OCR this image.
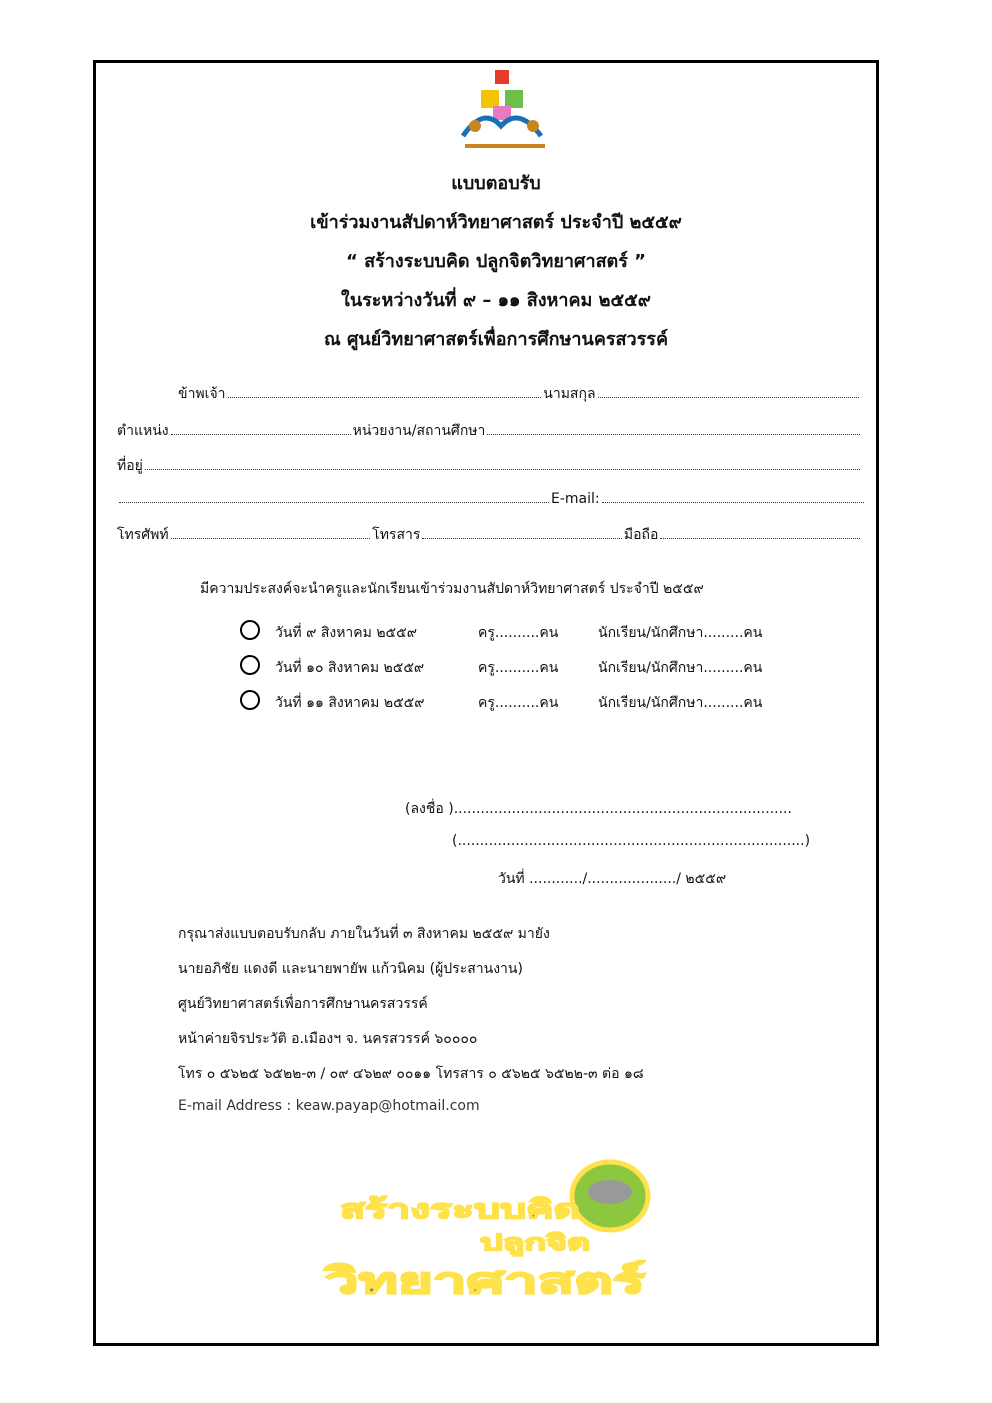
แบบตอบรับ
เข้าร่วมงานสัปดาห์วิทยาศาสตร์ ประจำปี ๒๕๕๙
“ สร้างระบบคิด ปลูกจิตวิทยาศาสตร์ ”
ในระหว่างวันที่ ๙ – ๑๑ สิงหาคม ๒๕๕๙
ณ ศูนย์วิทยาศาสตร์เพื่อการศึกษานครสวรรค์
ข้าพเจ้า	นามสกุล
ตำแหน่ง	หน่วยงาน/สถานศึกษา
ที่อยู่
E-mail:
โทรศัพท์	โทรสาร	มือถือ
มีความประสงค์จะนำครูและนักเรียนเข้าร่วมงานสัปดาห์วิทยาศาสตร์ ประจำปี ๒๕๕๙
วันที่ ๙ สิงหาคม ๒๕๕๙	ครู..........คน	นักเรียน/นักศึกษา.........คน
วันที่ ๑๐ สิงหาคม ๒๕๕๙	ครู..........คน	นักเรียน/นักศึกษา.........คน
วันที่ ๑๑ สิงหาคม ๒๕๕๙	ครู..........คน	นักเรียน/นักศึกษา.........คน
(ลงชื่อ )............................................................................
(..............................................................................)
วันที่ ............/..................../ ๒๕๕๙
กรุณาส่งแบบตอบรับกลับ ภายในวันที่ ๓ สิงหาคม ๒๕๕๙ มายัง
นายอภิชัย แดงดี และนายพายัพ แก้วนิคม (ผู้ประสานงาน)
ศูนย์วิทยาศาสตร์เพื่อการศึกษานครสวรรค์
หน้าค่ายจิรประวัติ อ.เมืองฯ จ. นครสวรรค์ ๖๐๐๐๐
โทร ๐ ๕๖๒๕ ๖๕๒๒-๓ / ๐๙ ๔๖๒๙ ๐๐๑๑ โทรสาร ๐ ๕๖๒๕ ๖๕๒๒-๓ ต่อ ๑๘
E-mail Address : keaw.payap@hotmail.com
สร้างระบบคิด
ปลูกจิต
วิทยาศาสตร์
